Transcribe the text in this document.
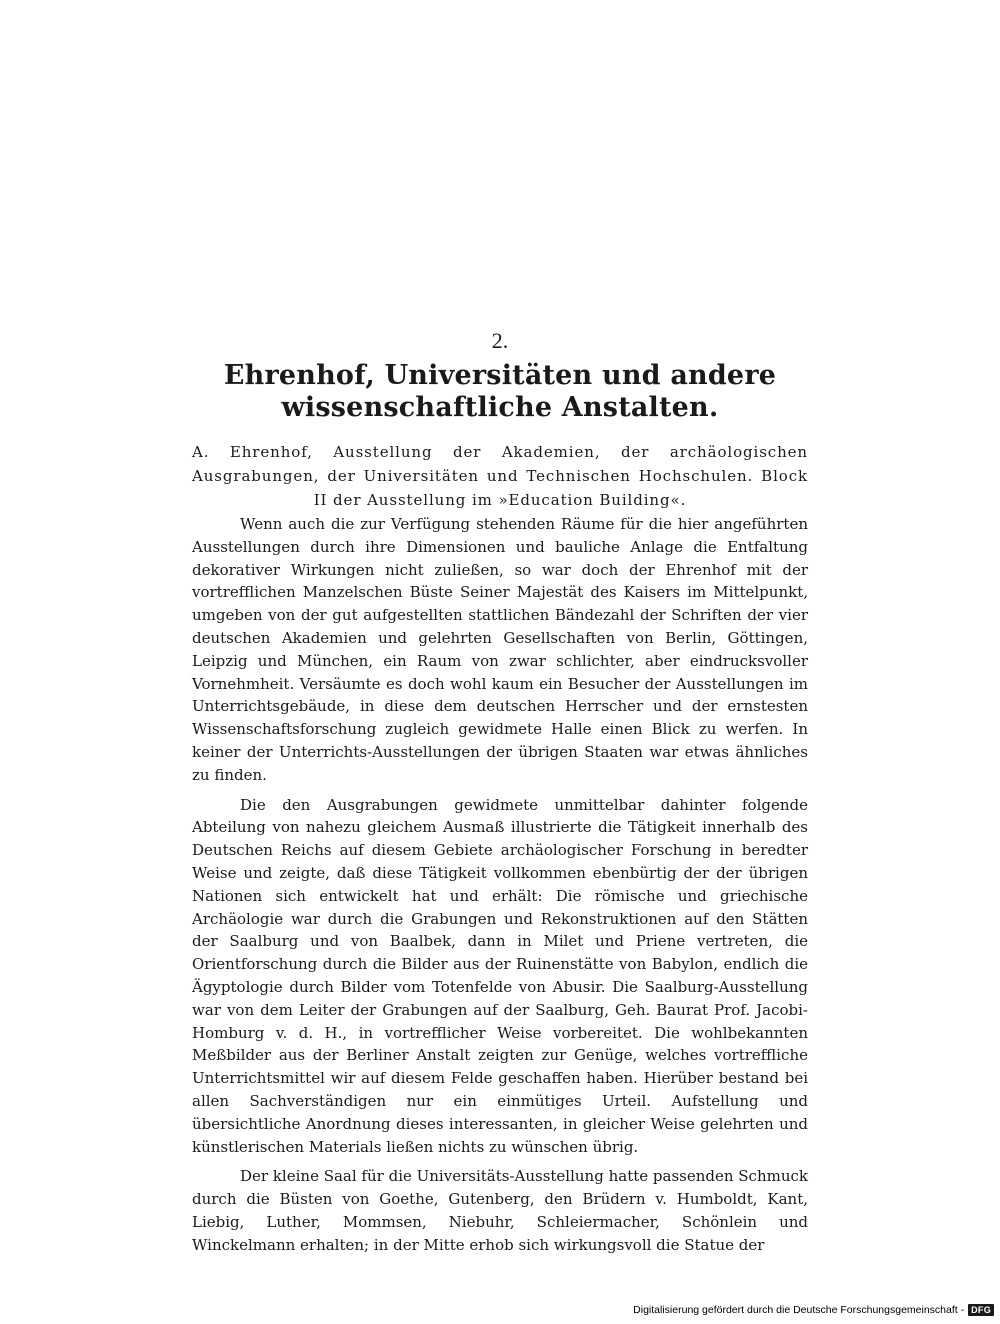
2.
Ehrenhof, Universitäten und andere wissenschaftliche Anstalten.
A. Ehrenhof, Ausstellung der Akademien, der archäologischen Ausgrabungen, der Universitäten und Technischen Hochschulen. Block II der Ausstellung im »Education Building«.

Wenn auch die zur Verfügung stehenden Räume für die hier angeführten Ausstellungen durch ihre Dimensionen und bauliche Anlage die Entfaltung dekorativer Wirkungen nicht zuließen, so war doch der Ehrenhof mit der vortrefflichen Manzelschen Büste Seiner Majestät des Kaisers im Mittelpunkt, umgeben von der gut aufgestellten stattlichen Bändezahl der Schriften der vier deutschen Akademien und gelehrten Gesellschaften von Berlin, Göttingen, Leipzig und München, ein Raum von zwar schlichter, aber eindrucksvoller Vornehmheit. Versäumte es doch wohl kaum ein Besucher der Ausstellungen im Unterrichtsgebäude, in diese dem deutschen Herrscher und der ernstesten Wissenschaftsforschung zugleich gewidmete Halle einen Blick zu werfen. In keiner der Unterrichts-Ausstellungen der übrigen Staaten war etwas ähnliches zu finden.

Die den Ausgrabungen gewidmete unmittelbar dahinter folgende Abteilung von nahezu gleichem Ausmaß illustrierte die Tätigkeit innerhalb des Deutschen Reichs auf diesem Gebiete archäologischer Forschung in beredter Weise und zeigte, daß diese Tätigkeit vollkommen ebenbürtig der der übrigen Nationen sich entwickelt hat und erhält: Die römische und griechische Archäologie war durch die Grabungen und Rekonstruktionen auf den Stätten der Saalburg und von Baalbek, dann in Milet und Priene vertreten, die Orientforschung durch die Bilder aus der Ruinenstätte von Babylon, endlich die Ägyptologie durch Bilder vom Totenfelde von Abusir. Die Saalburg-Ausstellung war von dem Leiter der Grabungen auf der Saalburg, Geh. Baurat Prof. Jacobi-Homburg v. d. H., in vortrefflicher Weise vorbereitet. Die wohlbekannten Meßbilder aus der Berliner Anstalt zeigten zur Genüge, welches vortreffliche Unterrichtsmittel wir auf diesem Felde geschaffen haben. Hierüber bestand bei allen Sachverständigen nur ein einmütiges Urteil. Aufstellung und übersichtliche Anordnung dieses interessanten, in gleicher Weise gelehrten und künstlerischen Materials ließen nichts zu wünschen übrig.

Der kleine Saal für die Universitäts-Ausstellung hatte passenden Schmuck durch die Büsten von Goethe, Gutenberg, den Brüdern v. Humboldt, Kant, Liebig, Luther, Mommsen, Niebuhr, Schleiermacher, Schönlein und Winckelmann erhalten; in der Mitte erhob sich wirkungsvoll die Statue der

Digitalisierung gefördert durch die Deutsche Forschungsgemeinschaft - DFG
